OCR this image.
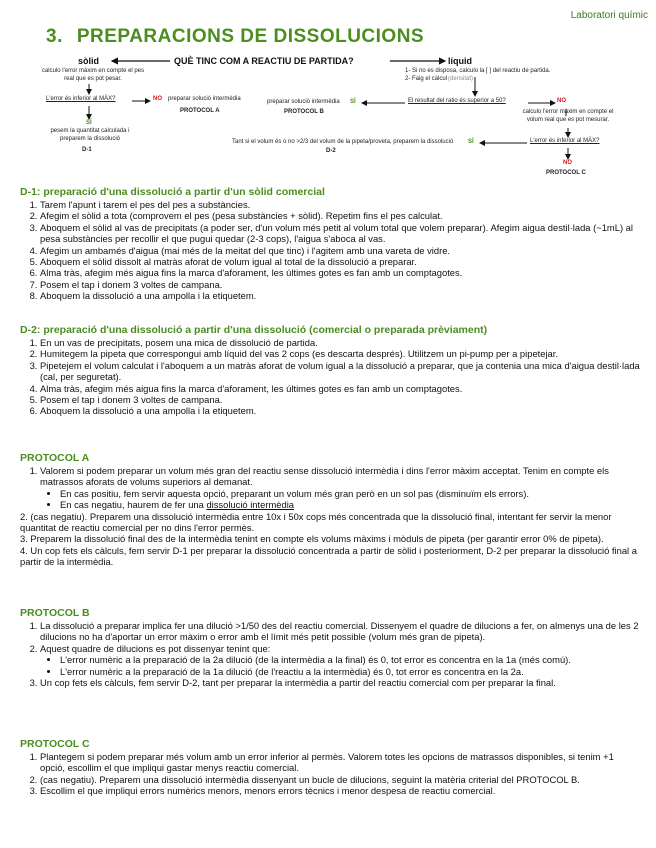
Laboratori químic
3. PREPARACIONS DE DISSOLUCIONS
sòlid	QUÈ TINC COM A REACTIU DE PARTIDA?	líquid
calculo l'error màxim en compte el pes real que es pot pesar.
L'error és inferior al MÀX?	NO preparar solució intermèdia
PROTOCOL A
SÍ
pesem la quantitat calculada i preparem la dissolució
D-1
1- Si no es disposa, calculo la [ ] del reactiu de partida.
2- Faig el càlcul (densitat)
El resultat del ratio és superior a 50?	NO
preparar solució intermèdia SÍ
PROTOCOL B	calculo l'error màxim en compte el volum real que es pot mesurar.
L'error és inferior al MÀX?
SÍ
Tant si el volum és o no >2/3 del volum de la pipeta/proveta, preparem la dissolució
D-2
NO
PROTOCOL C
D-1: preparació d'una dissolució a partir d'un sòlid comercial
1. Tarem l'apunt i tarem el pes del pes a substàncies.
2. Afegim el sòlid a tota (comprovem el pes (pesa substàncies + sòlid). Repetim fins el pes calculat.
3. Aboquem el sòlid al vas de precipitats (a poder ser, d'un volum més petit al volum total que volem preparar). Afegim aigua destil·lada (~1mL) al pesa substàncies per recollir el que pugui quedar (2-3 cops), l'aigua s'aboca al vas.
4. Afegim un ambamés d'aigua (mai més de la meitat del que tinc) i l'agitem amb una vareta de vidre.
5. Aboquem el sòlid dissolt al matràs aforat de volum igual al total de la dissolució a preparar.
6. Alma tràs, afegim més aigua fins la marca d'aforament, les últimes gotes es fan amb un comptagotes.
7. Posem el tap i donem 3 voltes de campana.
8. Aboquem la dissolució a una ampolla i la etiquetem.
D-2: preparació d'una dissolució a partir d'una dissolució (comercial o preparada prèviament)
1. En un vas de precipitats, posem una mica de dissolució de partida.
2. Humitegem la pipeta que correspongui amb líquid del vas 2 cops (es descarta després). Utilitzem un pi-pump per a pipetejar.
3. Pipetejem el volum calculat i l'aboquem a un matràs aforat de volum igual a la dissolució a preparar, que ja contenia una mica d'aigua destil·lada (cal, per seguretat).
4. Alma tràs, afegim més aigua fins la marca d'aforament, les últimes gotes es fan amb un comptagotes.
5. Posem el tap i donem 3 voltes de campana.
6. Aboquem la dissolució a una ampolla i la etiquetem.
PROTOCOL A
1. Valorem si podem preparar un volum més gran del reactiu sense dissolució intermèdia i dins l'error màxim acceptat. Tenim en compte els matrassos aforats de volums superiors al demanat.
• En cas positiu, fem servir aquesta opció, preparant un volum més gran però en un sol pas (disminuïm els errors).
• En cas negatiu, haurem de fer una dissolució intermèdia

2. (cas negatiu). Preparem una dissolució intermèdia entre 10x i 50x cops més concentrada que la dissolució final, intentant fer servir la menor quantitat de reactiu comercial per no dins l'error permès.

3. Preparem la dissolució final des de la intermèdia tenint en compte els volums màxims i mòduls de pipeta (per garantir error 0% de pipeta).

4. Un cop fets els càlculs, fem servir D-1 per preparar la dissolució concentrada a partir de sòlid i posteriorment, D-2 per preparar la dissolució final a partir de la intermèdia.

PROTOCOL B
1. La dissolució a preparar implica fer una dilució >1/50 des del reactiu comercial. Dissenyem el quadre de dilucions a fer, on almenys una de les 2 dilucions no ha d'aportar un error màxim o error amb el límit més petit possible (volum més gran de pipeta).
2. Aquest quadre de dilucions es pot dissenyar tenint que:
• L'error numèric a la preparació de la 2a dilució (de la intermèdia a la final) és 0, tot error es concentra en la 1a (més comú).
• L'error numèric a la preparació de la 1a dilució (de l'reactiu a la intermèdia) és 0, tot error es concentra en la 2a.
3. Un cop fets els càlculs, fem servir D-2, tant per preparar la intermèdia a partir del reactiu comercial com per preparar la final.
PROTOCOL C
1. Plantegem si podem preparar més volum amb un error inferior al permès. Valorem totes les opcions de matrassos disponibles, si tenim +1 opció, escollim el que impliqui gastar menys reactiu comercial.
2. (cas negatiu). Preparem una dissolució intermèdia dissenyant un bucle de dilucions, seguint la matèria criterial del PROTOCOL B.
3. Escollim el que impliqui errors numèrics menors, menors errors tècnics i menor despesa de reactiu comercial.
